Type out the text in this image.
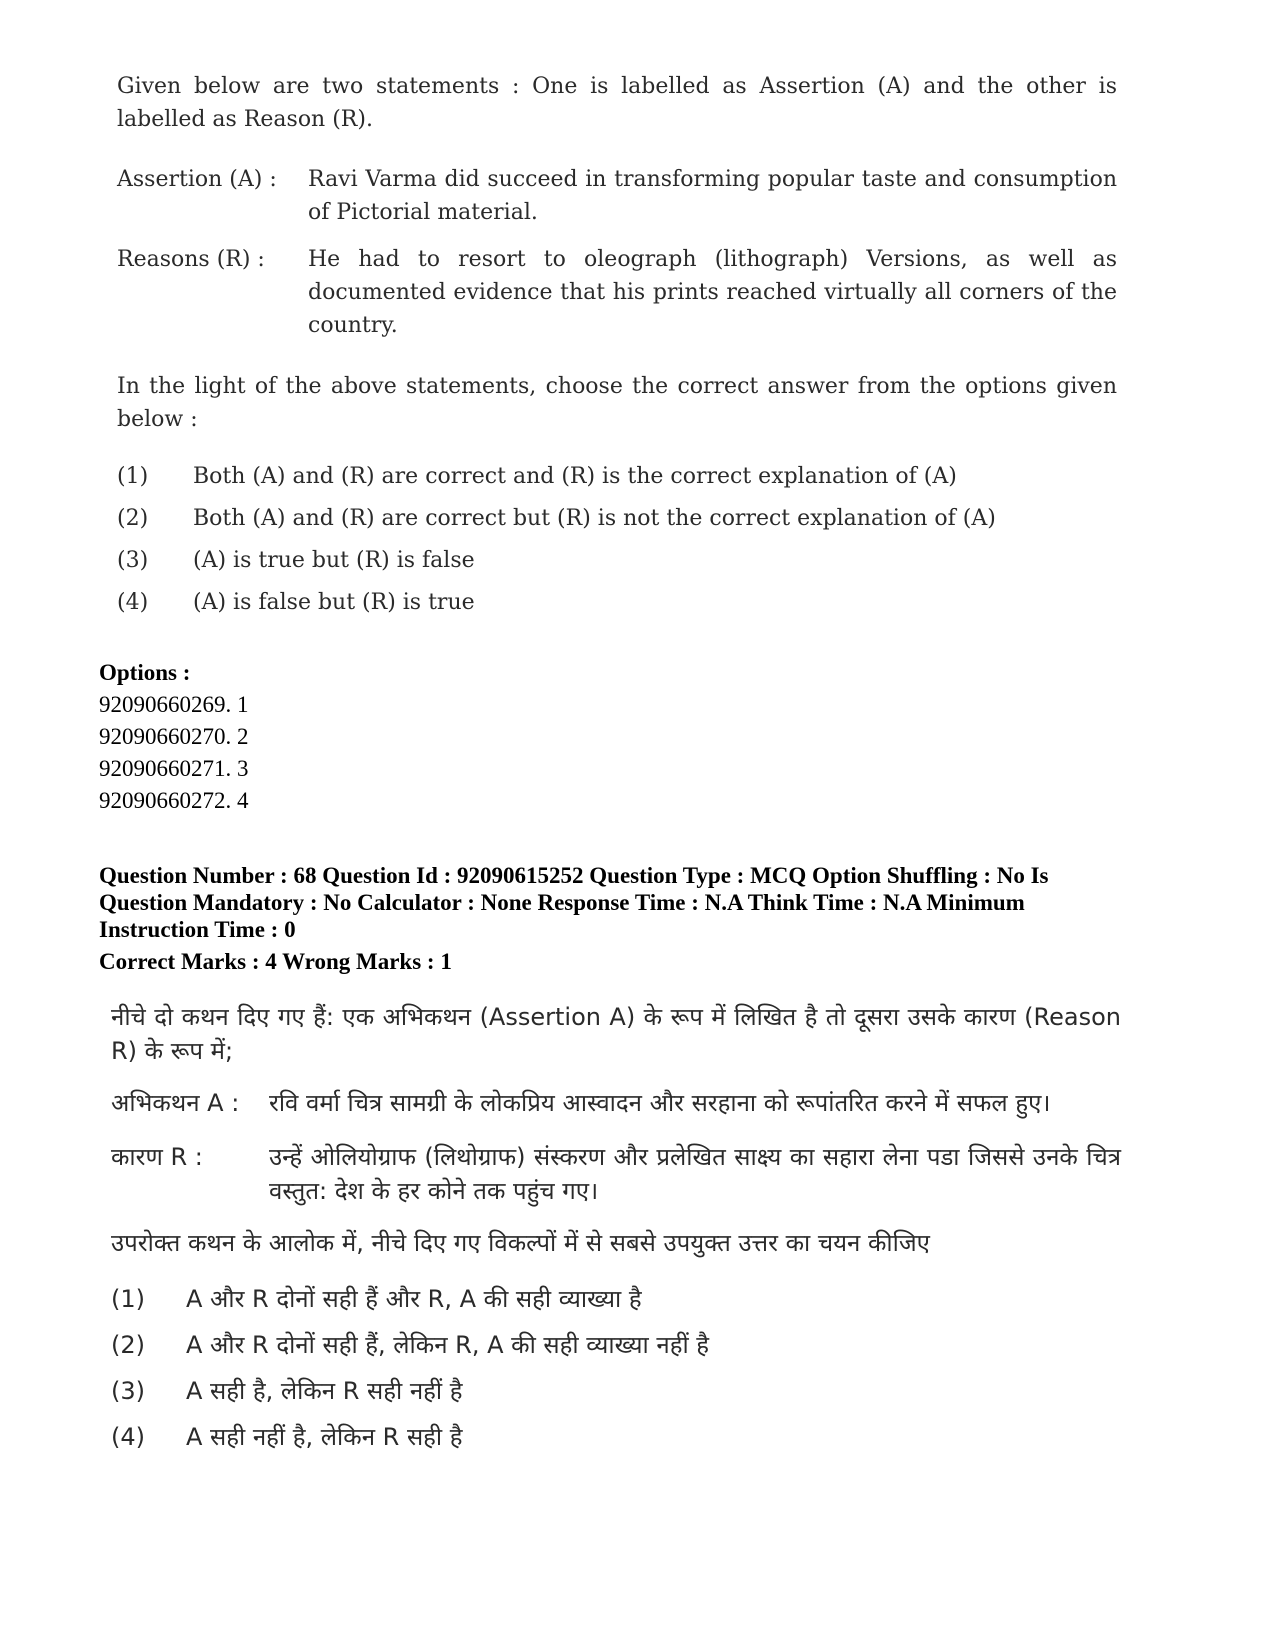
Given below are two statements : One is labelled as Assertion (A) and the other is labelled as Reason (R).

Assertion (A) :	Ravi Varma did succeed in transforming popular taste and consumption of Pictorial material.
Reasons (R) :	He had to resort to oleograph (lithograph) Versions, as well as documented evidence that his prints reached virtually all corners of the country.

In the light of the above statements, choose the correct answer from the options given below :

(1)	Both (A) and (R) are correct and (R) is the correct explanation of (A)
(2)	Both (A) and (R) are correct but (R) is not the correct explanation of (A)
(3)	(A) is true but (R) is false
(4)	(A) is false but (R) is true
Options :
92090660269. 1
92090660270. 2
92090660271. 3
92090660272. 4
Question Number : 68 Question Id : 92090615252 Question Type : MCQ Option Shuffling : No Is
Question Mandatory : No Calculator : None Response Time : N.A Think Time : N.A Minimum
Instruction Time : 0
Correct Marks : 4 Wrong Marks : 1
नीचे दो कथन दिए गए हैं: एक अभिकथन (Assertion A) के रूप में लिखित है तो दूसरा उसके कारण (Reason R) के रूप में;
अभिकथन A :	रवि वर्मा चित्र सामग्री के लोकप्रिय आस्वादन और सरहाना को रूपांतरित करने में सफल हुए।
कारण R :	उन्हें ओलियोग्राफ (लिथोग्राफ) संस्करण और प्रलेखित साक्ष्य का सहारा लेना पडा जिससे उनके चित्र वस्तुत: देश के हर कोने तक पहुंच गए।
उपरोक्त कथन के आलोक में, नीचे दिए गए विकल्पों में से सबसे उपयुक्त उत्तर का चयन कीजिए
(1)	A और R दोनों सही हैं और R, A की सही व्याख्या है
(2)	A और R दोनों सही हैं, लेकिन R, A की सही व्याख्या नहीं है
(3)	A सही है, लेकिन R सही नहीं है
(4)	A सही नहीं है, लेकिन R सही है
